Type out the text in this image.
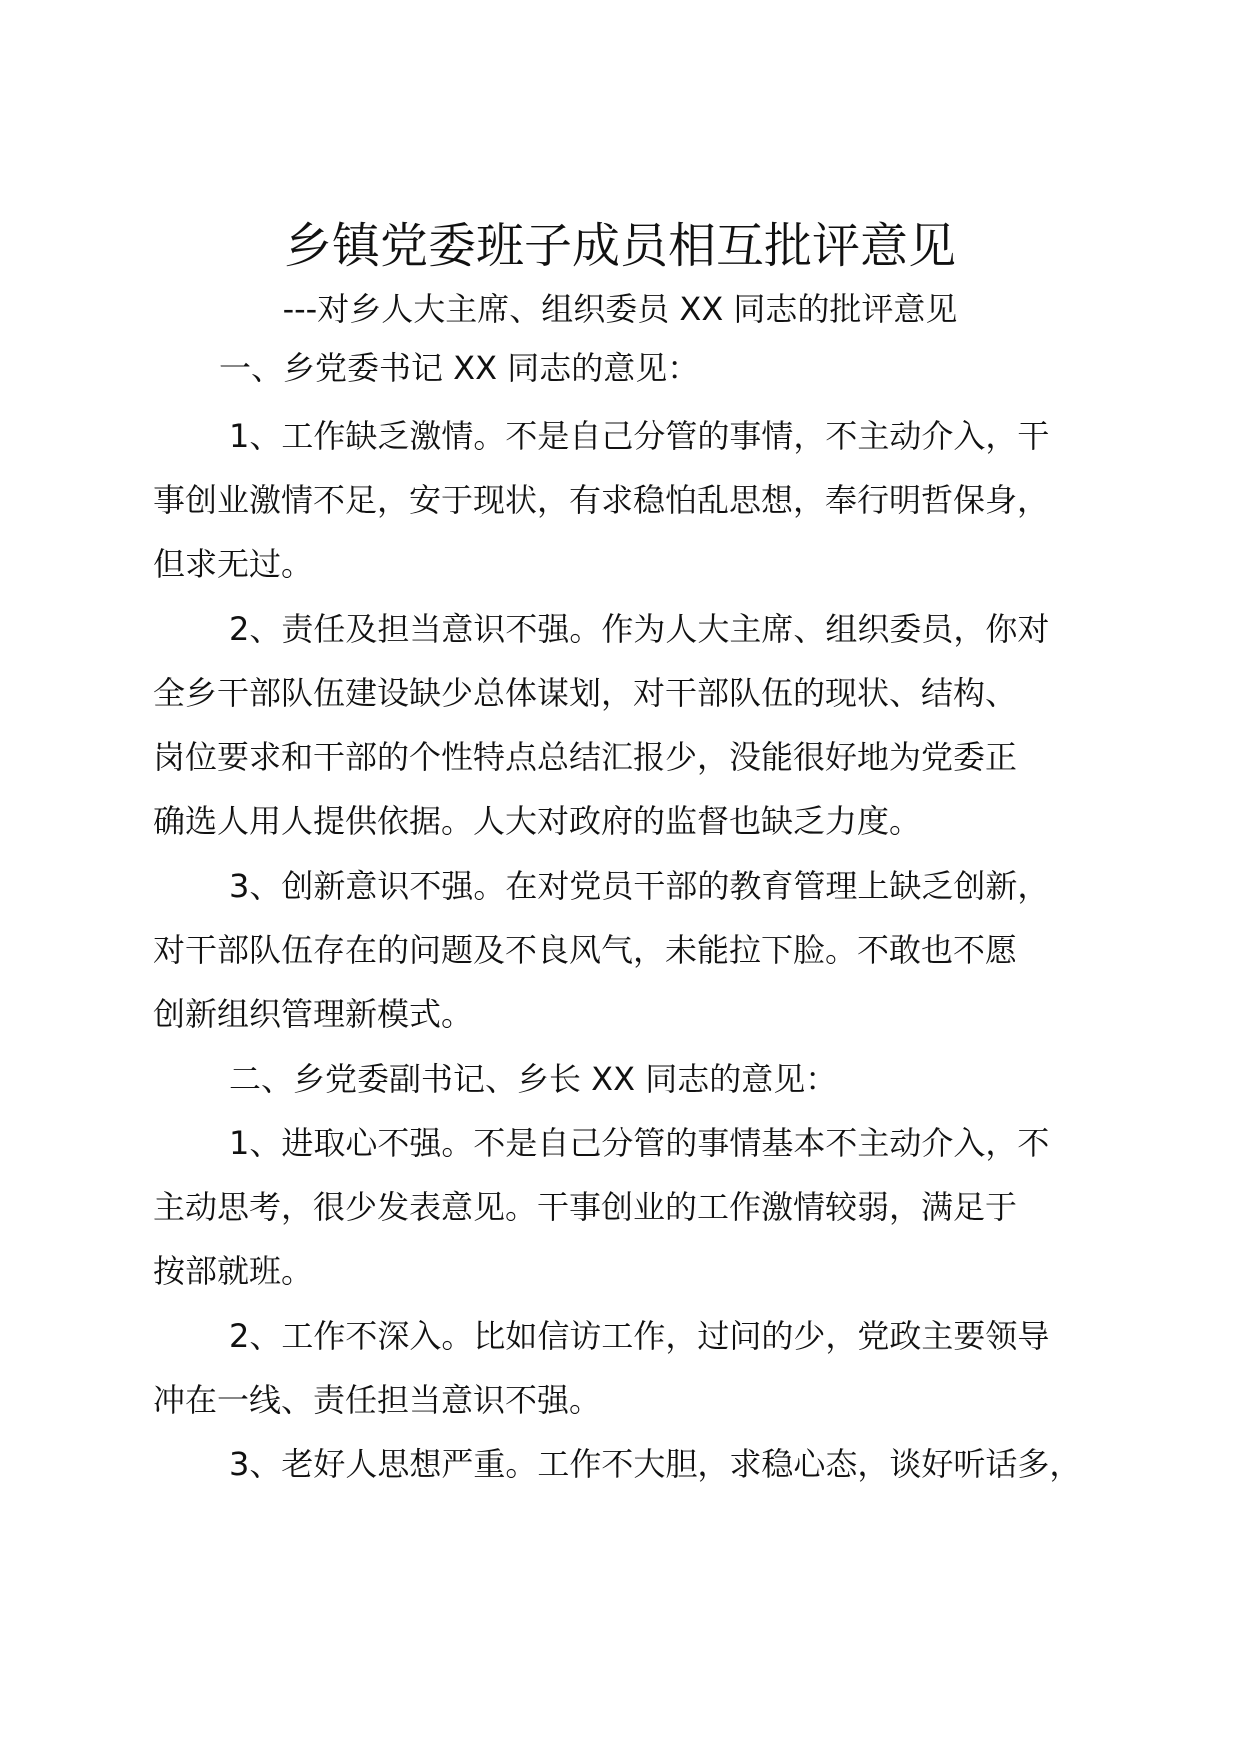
乡镇党委班子成员相互批评意见
---对乡人大主席、组织委员 XX 同志的批评意见
一、乡党委书记 XX 同志的意见：
1、工作缺乏激情。不是自己分管的事情，不主动介入，干
事创业激情不足，安于现状，有求稳怕乱思想，奉行明哲保身，
但求无过。
2、责任及担当意识不强。作为人大主席、组织委员，你对
全乡干部队伍建设缺少总体谋划，对干部队伍的现状、结构、
岗位要求和干部的个性特点总结汇报少，没能很好地为党委正
确选人用人提供依据。人大对政府的监督也缺乏力度。
3、创新意识不强。在对党员干部的教育管理上缺乏创新，
对干部队伍存在的问题及不良风气，未能拉下脸。不敢也不愿
创新组织管理新模式。
二、乡党委副书记、乡长 XX 同志的意见：
1、进取心不强。不是自己分管的事情基本不主动介入，不
主动思考，很少发表意见。干事创业的工作激情较弱，满足于
按部就班。
2、工作不深入。比如信访工作，过问的少，党政主要领导
冲在一线、责任担当意识不强。
3、老好人思想严重。工作不大胆，求稳心态，谈好听话多，
